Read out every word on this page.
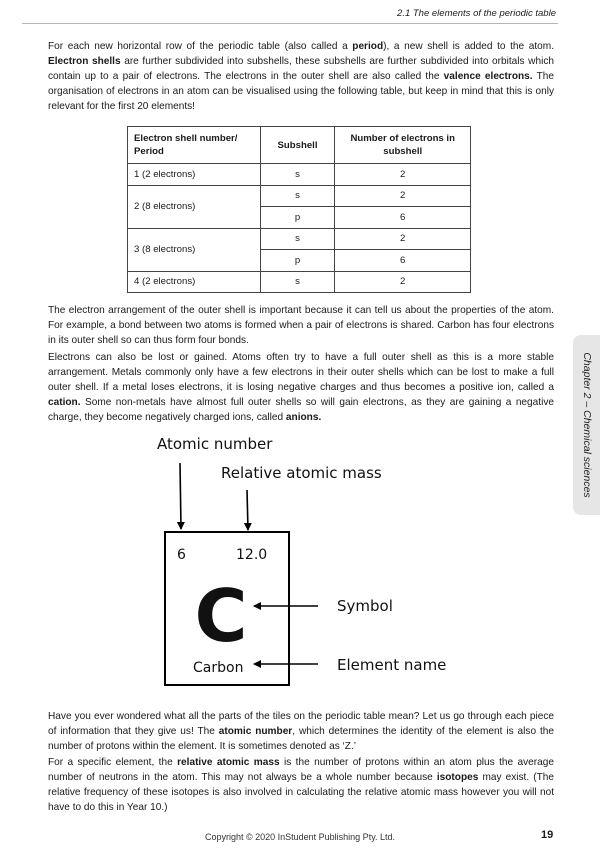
2.1 The elements of the periodic table

For each new horizontal row of the periodic table (also called a period), a new shell is added to the atom. Electron shells are further subdivided into subshells, these subshells are further subdivided into orbitals which contain up to a pair of electrons. The electrons in the outer shell are also called the valence electrons. The organisation of electrons in an atom can be visualised using the following table, but keep in mind that this is only relevant for the first 20 elements!

Electron shell number/ Period	Subshell	Number of electrons in subshell
1 (2 electrons)	s	2
2 (8 electrons)	s	2
	p	6
3 (8 electrons)	s	2
	p	6
4 (2 electrons)	s	2

The electron arrangement of the outer shell is important because it can tell us about the properties of the atom. For example, a bond between two atoms is formed when a pair of electrons is shared. Carbon has four electrons in its outer shell so can thus form four bonds.

Electrons can also be lost or gained. Atoms often try to have a full outer shell as this is a more stable arrangement. Metals commonly only have a few electrons in their outer shells which can be lost to make a full outer shell. If a metal loses electrons, it is losing negative charges and thus becomes a positive ion, called a cation. Some non-metals have almost full outer shells so will gain electrons, as they are gaining a negative charge, they become negatively charged ions, called anions.

Atomic number
Relative atomic mass
6	12.0
C
Carbon
Symbol
Element name

Have you ever wondered what all the parts of the tiles on the periodic table mean? Let us go through each piece of information that they give us! The atomic number, which determines the identity of the element is also the number of protons within the element. It is sometimes denoted as ‘Z.’

For a specific element, the relative atomic mass is the number of protons within an atom plus the average number of neutrons in the atom. This may not always be a whole number because isotopes may exist. (The relative frequency of these isotopes is also involved in calculating the relative atomic mass however you will not have to do this in Year 10.)

Chapter 2 – Chemical sciences
Copyright © 2020 InStudent Publishing Pty. Ltd.	19
